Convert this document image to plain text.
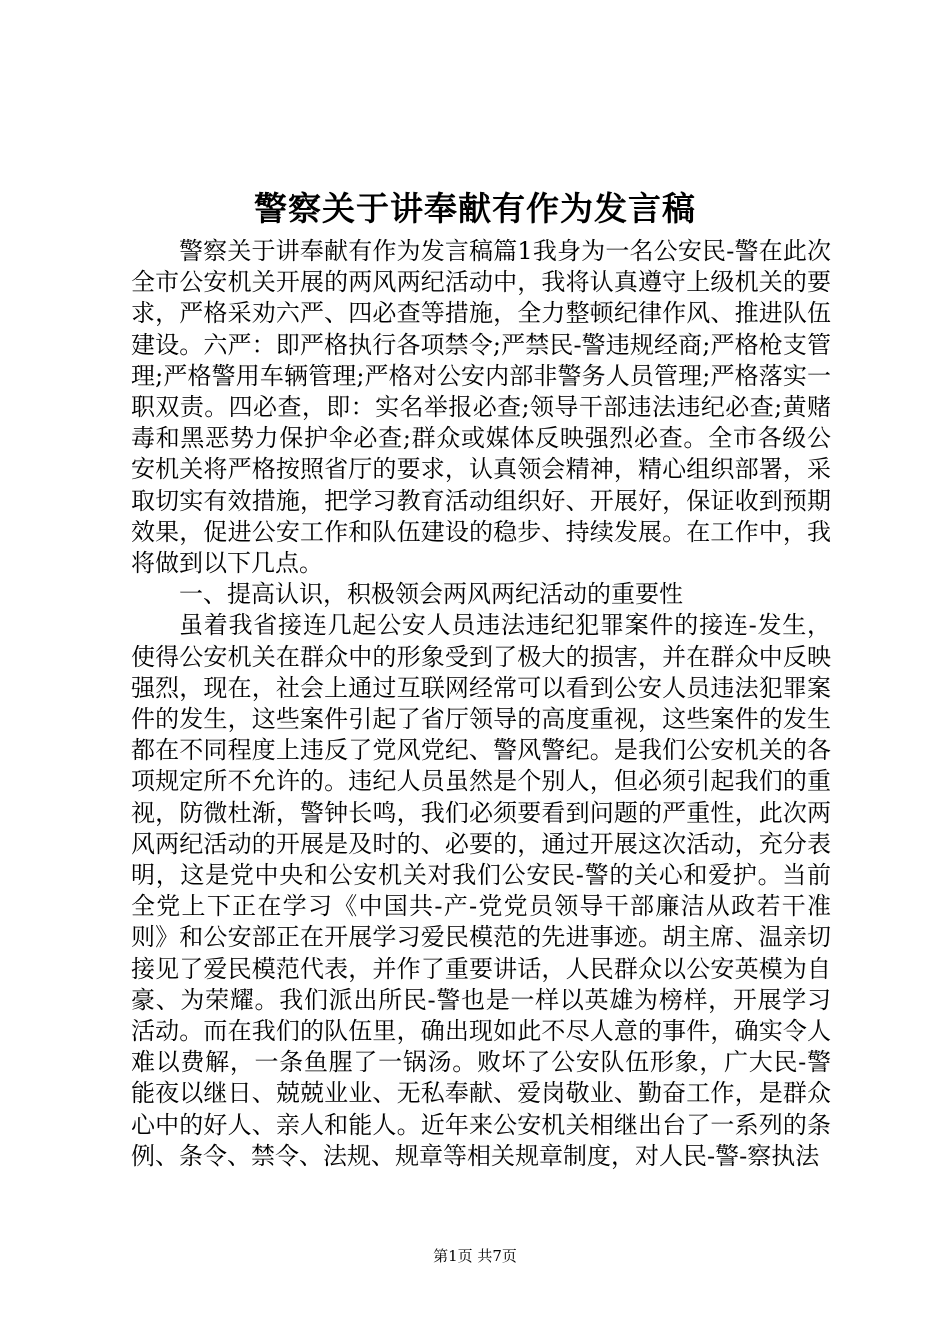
警察关于讲奉献有作为发言稿

警察关于讲奉献有作为发言稿篇1我身为一名公安民-警在此次全市公安机关开展的两风两纪活动中，我将认真遵守上级机关的要求，严格采劝六严、四必查等措施，全力整顿纪律作风、推进队伍建设。六严：即严格执行各项禁令;严禁民-警违规经商;严格枪支管理;严格警用车辆管理;严格对公安内部非警务人员管理;严格落实一职双责。四必查，即：实名举报必查;领导干部违法违纪必查;黄赌毒和黑恶势力保护伞必查;群众或媒体反映强烈必查。全市各级公安机关将严格按照省厅的要求，认真领会精神，精心组织部署，采取切实有效措施，把学习教育活动组织好、开展好，保证收到预期效果，促进公安工作和队伍建设的稳步、持续发展。在工作中，我将做到以下几点。

一、提高认识，积极领会两风两纪活动的重要性

虽着我省接连几起公安人员违法违纪犯罪案件的接连-发生，使得公安机关在群众中的形象受到了极大的损害，并在群众中反映强烈，现在，社会上通过互联网经常可以看到公安人员违法犯罪案件的发生，这些案件引起了省厅领导的高度重视，这些案件的发生都在不同程度上违反了党风党纪、警风警纪。是我们公安机关的各项规定所不允许的。违纪人员虽然是个别人，但必须引起我们的重视，防微杜渐，警钟长鸣，我们必须要看到问题的严重性，此次两风两纪活动的开展是及时的、必要的，通过开展这次活动，充分表明，这是党中央和公安机关对我们公安民-警的关心和爱护。当前全党上下正在学习《中国共-产-党党员领导干部廉洁从政若干准则》和公安部正在开展学习爱民模范的先进事迹。胡主席、温亲切接见了爱民模范代表，并作了重要讲话，人民群众以公安英模为自豪、为荣耀。我们派出所民-警也是一样以英雄为榜样，开展学习活动。而在我们的队伍里，确出现如此不尽人意的事件，确实令人难以费解，一条鱼腥了一锅汤。败坏了公安队伍形象，广大民-警能夜以继日、兢兢业业、无私奉献、爱岗敬业、勤奋工作，是群众心中的好人、亲人和能人。近年来公安机关相继出台了一系列的条例、条令、禁令、法规、规章等相关规章制度，对人民-警-察执法

第1页 共7页
